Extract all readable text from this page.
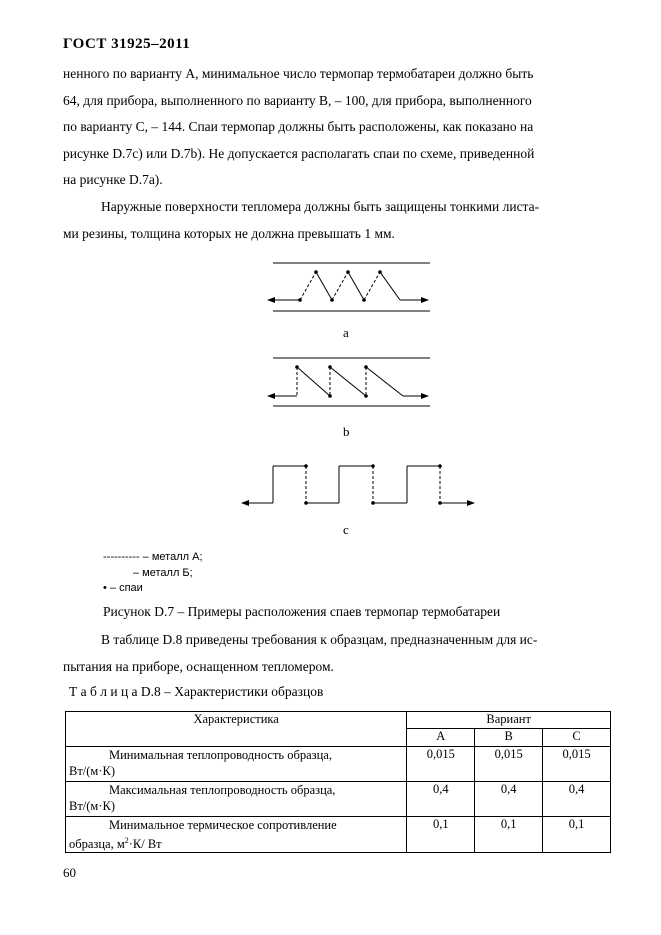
ГОСТ 31925–2011
ненного по варианту А, минимальное число термопар термобатареи должно быть
64, для прибора, выполненного по варианту В, – 100, для прибора, выполненного
по варианту С, – 144. Спаи термопар должны быть расположены, как показано на
рисунке D.7с) или D.7b). Не допускается располагать спаи по схеме, приведенной
на рисунке D.7а).
Наружные поверхности тепломера должны быть защищены тонкими листа-
ми резины, толщина которых не должна превышать 1 мм.
a
b
c
---------- – металл А;
– металл Б;
• – спаи
Рисунок D.7 – Примеры расположения спаев термопар термобатареи
В таблице D.8 приведены требования к образцам, предназначенным для ис-
пытания на приборе, оснащенном тепломером.
Т а б л и ц а D.8 – Характеристики образцов
Характеристика	Вариант		
	А	В	С

Минимальная теплопроводность образца,
Вт/(м·К)	0,015	0,015	0,015

Максимальная теплопроводность образца,
Вт/(м·К)	0,4	0,4	0,4

Минимальное термическое сопротивление
образца, $м^2\cdot К/$ Вт	0,1	0,1	0,1
60
